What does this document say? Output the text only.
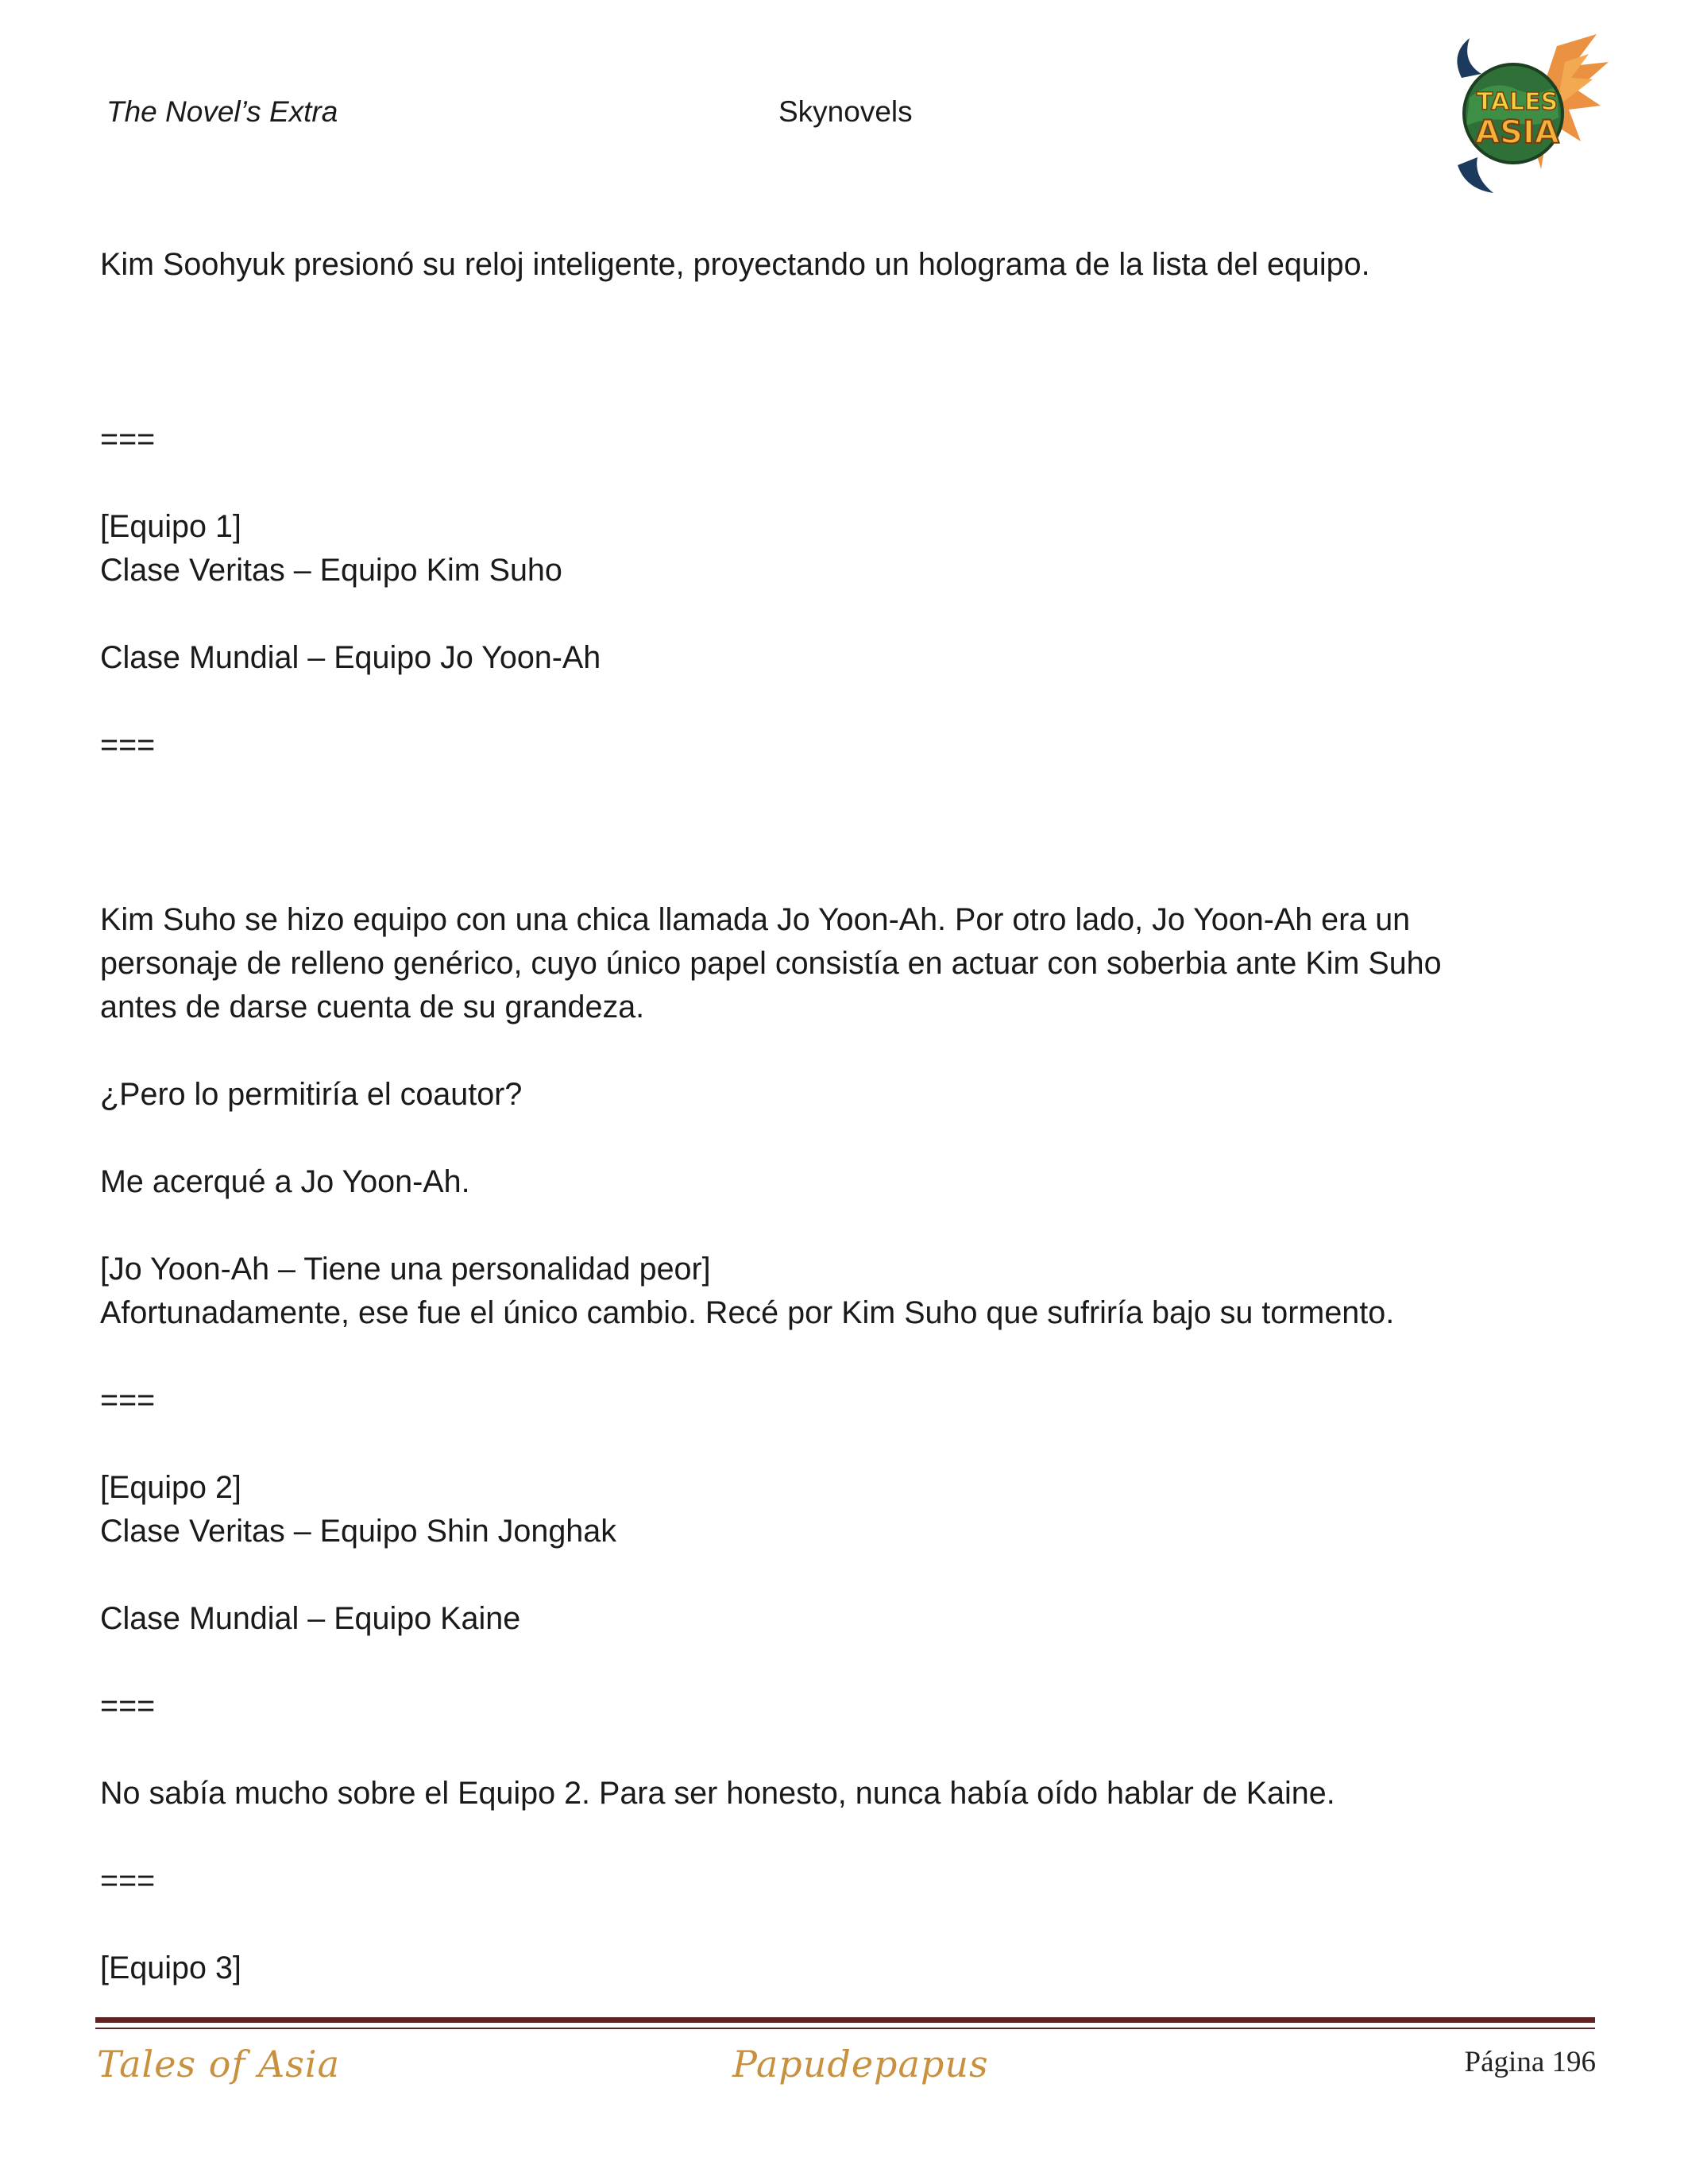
The Novel’s Extra	Skynovels	TALES
ASIA

Kim Soohyuk presionó su reloj inteligente, proyectando un holograma de la lista del equipo.

===

[Equipo 1]

Clase Veritas – Equipo Kim Suho

Clase Mundial – Equipo Jo Yoon-Ah

===

Kim Suho se hizo equipo con una chica llamada Jo Yoon-Ah. Por otro lado, Jo Yoon-Ah era un

personaje de relleno genérico, cuyo único papel consistía en actuar con soberbia ante Kim Suho

antes de darse cuenta de su grandeza.

¿Pero lo permitiría el coautor?

Me acerqué a Jo Yoon-Ah.

[Jo Yoon-Ah – Tiene una personalidad peor]

Afortunadamente, ese fue el único cambio. Recé por Kim Suho que sufriría bajo su tormento.

===

[Equipo 2]

Clase Veritas – Equipo Shin Jonghak

Clase Mundial – Equipo Kaine

===

No sabía mucho sobre el Equipo 2. Para ser honesto, nunca había oído hablar de Kaine.

===

[Equipo 3]

Tales of Asia	Papudepapus	Página 196
